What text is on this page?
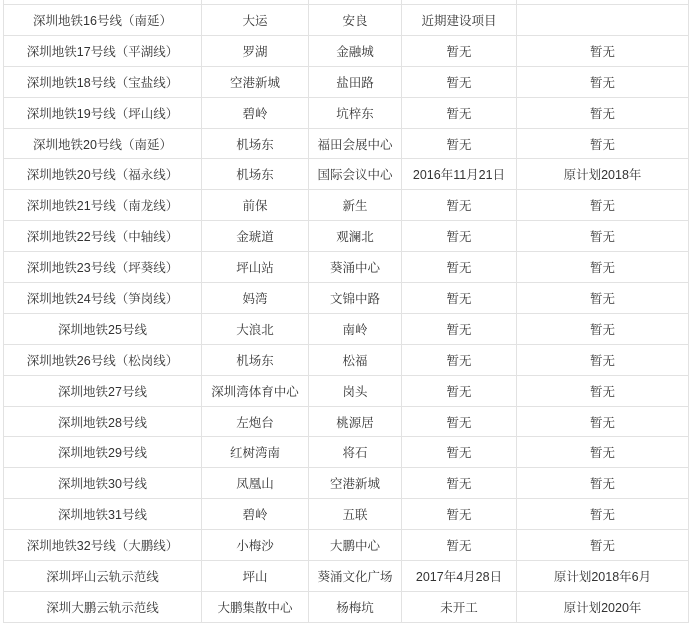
深圳地铁16号线（南延）	大运	安良	近期建设项目	
深圳地铁17号线（平湖线）	罗湖	金融城	暂无	暂无
深圳地铁18号线（宝盐线）	空港新城	盐田路	暂无	暂无
深圳地铁19号线（坪山线）	碧岭	坑梓东	暂无	暂无
深圳地铁20号线（南延）	机场东	福田会展中心	暂无	暂无
深圳地铁20号线（福永线）	机场东	国际会议中心	2016年11月21日	原计划2018年
深圳地铁21号线（南龙线）	前保	新生	暂无	暂无
深圳地铁22号线（中轴线）	金琥道	观澜北	暂无	暂无
深圳地铁23号线（坪葵线）	坪山站	葵涌中心	暂无	暂无
深圳地铁24号线（笋岗线）	妈湾	文锦中路	暂无	暂无
深圳地铁25号线	大浪北	南岭	暂无	暂无
深圳地铁26号线（松岗线）	机场东	松福	暂无	暂无
深圳地铁27号线	深圳湾体育中心	岗头	暂无	暂无
深圳地铁28号线	左炮台	桃源居	暂无	暂无
深圳地铁29号线	红树湾南	将石	暂无	暂无
深圳地铁30号线	凤凰山	空港新城	暂无	暂无
深圳地铁31号线	碧岭	五联	暂无	暂无
深圳地铁32号线（大鹏线）	小梅沙	大鹏中心	暂无	暂无
深圳坪山云轨示范线	坪山	葵涌文化广场	2017年4月28日	原计划2018年6月
深圳大鹏云轨示范线	大鹏集散中心	杨梅坑	未开工	原计划2020年
